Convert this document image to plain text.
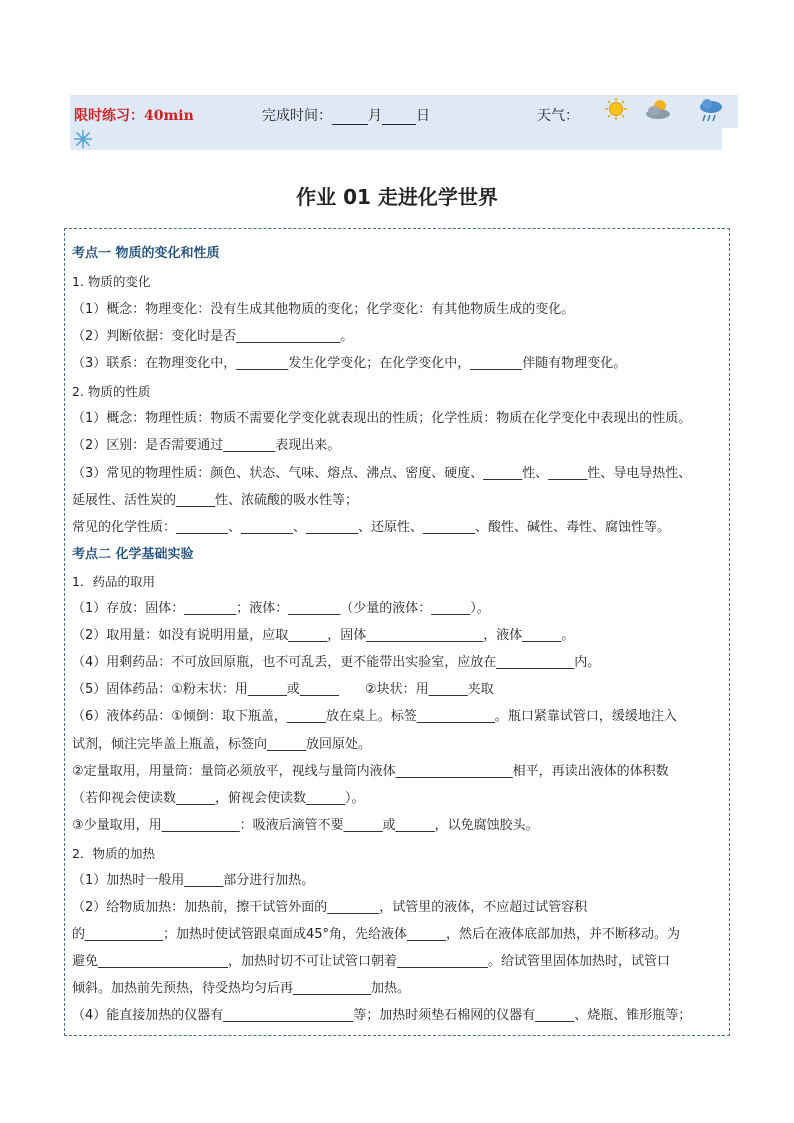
限时练习：40min	完成时间：	月 日	天气：
作业 01 走进化学世界
考点一 物质的变化和性质
1. 物质的变化
（1）概念：物理变化：没有生成其他物质的变化；化学变化：有其他物质生成的变化。
（2）判断依据：变化时是否________________。
（3）联系：在物理变化中，________发生化学变化；在化学变化中，________伴随有物理变化。
2. 物质的性质
（1）概念：物理性质：物质不需要化学变化就表现出的性质；化学性质：物质在化学变化中表现出的性质。
（2）区别：是否需要通过________表现出来。
（3）常见的物理性质：颜色、状态、气味、熔点、沸点、密度、硬度、______性、______性、导电导热性、
延展性、活性炭的______性、浓硫酸的吸水性等；
常见的化学性质：________、________、________、还原性、________、酸性、碱性、毒性、腐蚀性等。
考点二 化学基础实验
1．药品的取用
（1）存放：固体：________；液体：________（少量的液体：______）。
（2）取用量：如没有说明用量，应取______，固体__________________，液体______。
（4）用剩药品：不可放回原瓶，也不可乱丢，更不能带出实验室，应放在____________内。
（5）固体药品：①粉末状：用______或______　　②块状：用______夹取
（6）液体药品：①倾倒：取下瓶盖，______放在桌上。标签____________。瓶口紧靠试管口，缓缓地注入
试剂，倾注完毕盖上瓶盖，标签向______放回原处。
②定量取用，用量筒：量筒必须放平，视线与量筒内液体__________________相平，再读出液体的体积数
（若仰视会使读数______，俯视会使读数______）。
③少量取用，用____________：吸液后滴管不要______或______，以免腐蚀胶头。
2．物质的加热
（1）加热时一般用______部分进行加热。
（2）给物质加热：加热前，擦干试管外面的________，试管里的液体，不应超过试管容积
的____________；加热时使试管跟桌面成45°角，先给液体______，然后在液体底部加热，并不断移动。为
避免____________________，加热时切不可让试管口朝着______________。给试管里固体加热时，试管口
倾斜。加热前先预热，待受热均匀后再____________加热。
（4）能直接加热的仪器有____________________等；加热时须垫石棉网的仪器有______、烧瓶、锥形瓶等；
